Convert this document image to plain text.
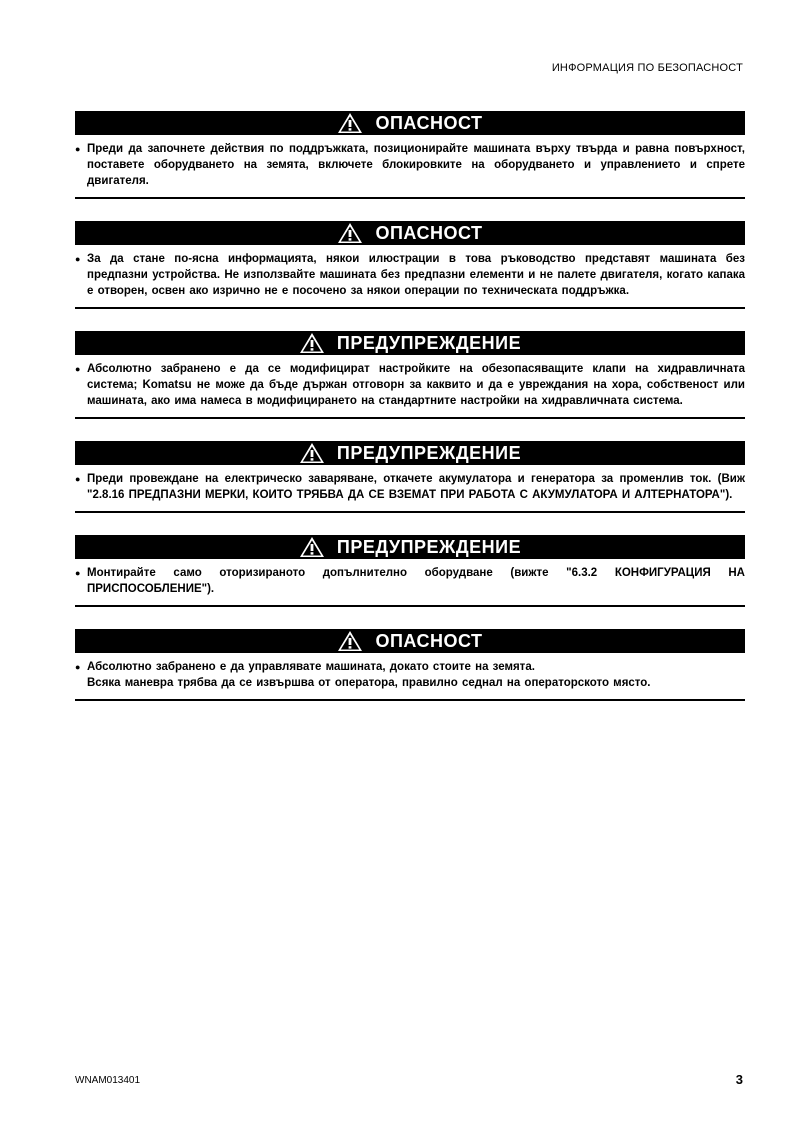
ИНФОРМАЦИЯ ПО БЕЗОПАСНОСТ
ОПАСНОСТ
● Преди да започнете действия по поддръжката, позиционирайте машината върху твърда и равна повърхност, поставете оборудването на земята, включете блокировките на оборудването и управлението и спрете двигателя.
ОПАСНОСТ
● За да стане по-ясна информацията, някои илюстрации в това ръководство представят машината без предпазни устройства. Не използвайте машината без предпазни елементи и не палете двигателя, когато капака е отворен, освен ако изрично не е посочено за някои операции по техническата поддръжка.
ПРЕДУПРЕЖДЕНИЕ
● Абсолютно забранено е да се модифицират настройките на обезопасяващите клапи на хидравличната система; Komatsu не може да бъде държан отговорн за каквито и да е увреждания на хора, собственост или машината, ако има намеса в модифицирането на стандартните настройки на хидравличната система.
ПРЕДУПРЕЖДЕНИЕ
● Преди провеждане на електрическо заваряване, откачете акумулатора и генератора за променлив ток. (Виж "2.8.16 ПРЕДПАЗНИ МЕРКИ, КОИТО ТРЯБВА ДА СЕ ВЗЕМАТ ПРИ РАБОТА С АКУМУЛАТОРА И АЛТЕРНАТОРА").
ПРЕДУПРЕЖДЕНИЕ
● Монтирайте само оторизираното допълнително оборудване (вижте "6.3.2 КОНФИГУРАЦИЯ НА ПРИСПОСОБЛЕНИЕ").
ОПАСНОСТ
● Абсолютно забранено е да управлявате машината, докато стоите на земята.
Всяка маневра трябва да се извършва от оператора, правилно седнал на операторското място.
WNAM013401	3
